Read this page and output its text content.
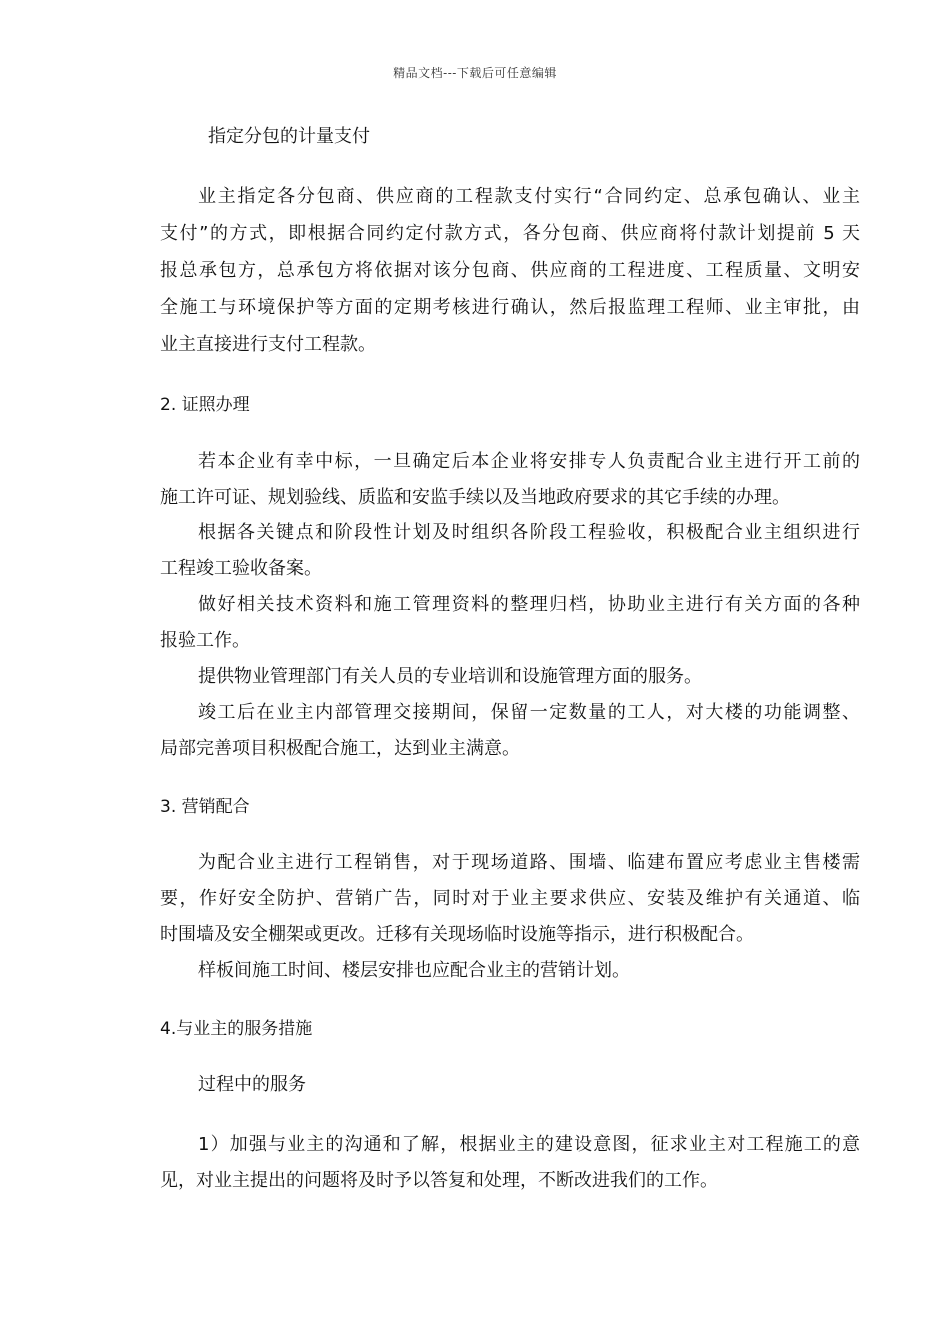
精品文档---下载后可任意编辑
指定分包的计量支付
业主指定各分包商、供应商的工程款支付实行“合同约定、总承包确认、业主
支付”的方式，即根据合同约定付款方式，各分包商、供应商将付款计划提前 5 天
报总承包方，总承包方将依据对该分包商、供应商的工程进度、工程质量、文明安
全施工与环境保护等方面的定期考核进行确认，然后报监理工程师、业主审批，由
业主直接进行支付工程款。
2. 证照办理
若本企业有幸中标，一旦确定后本企业将安排专人负责配合业主进行开工前的
施工许可证、规划验线、质监和安监手续以及当地政府要求的其它手续的办理。
根据各关键点和阶段性计划及时组织各阶段工程验收，积极配合业主组织进行
工程竣工验收备案。
做好相关技术资料和施工管理资料的整理归档，协助业主进行有关方面的各种
报验工作。
提供物业管理部门有关人员的专业培训和设施管理方面的服务。
竣工后在业主内部管理交接期间，保留一定数量的工人，对大楼的功能调整、
局部完善项目积极配合施工，达到业主满意。
3. 营销配合
为配合业主进行工程销售，对于现场道路、围墙、临建布置应考虑业主售楼需
要，作好安全防护、营销广告，同时对于业主要求供应、安装及维护有关通道、临
时围墙及安全棚架或更改。迁移有关现场临时设施等指示，进行积极配合。
样板间施工时间、楼层安排也应配合业主的营销计划。
4.与业主的服务措施
过程中的服务
1）加强与业主的沟通和了解，根据业主的建设意图，征求业主对工程施工的意
见，对业主提出的问题将及时予以答复和处理，不断改进我们的工作。
